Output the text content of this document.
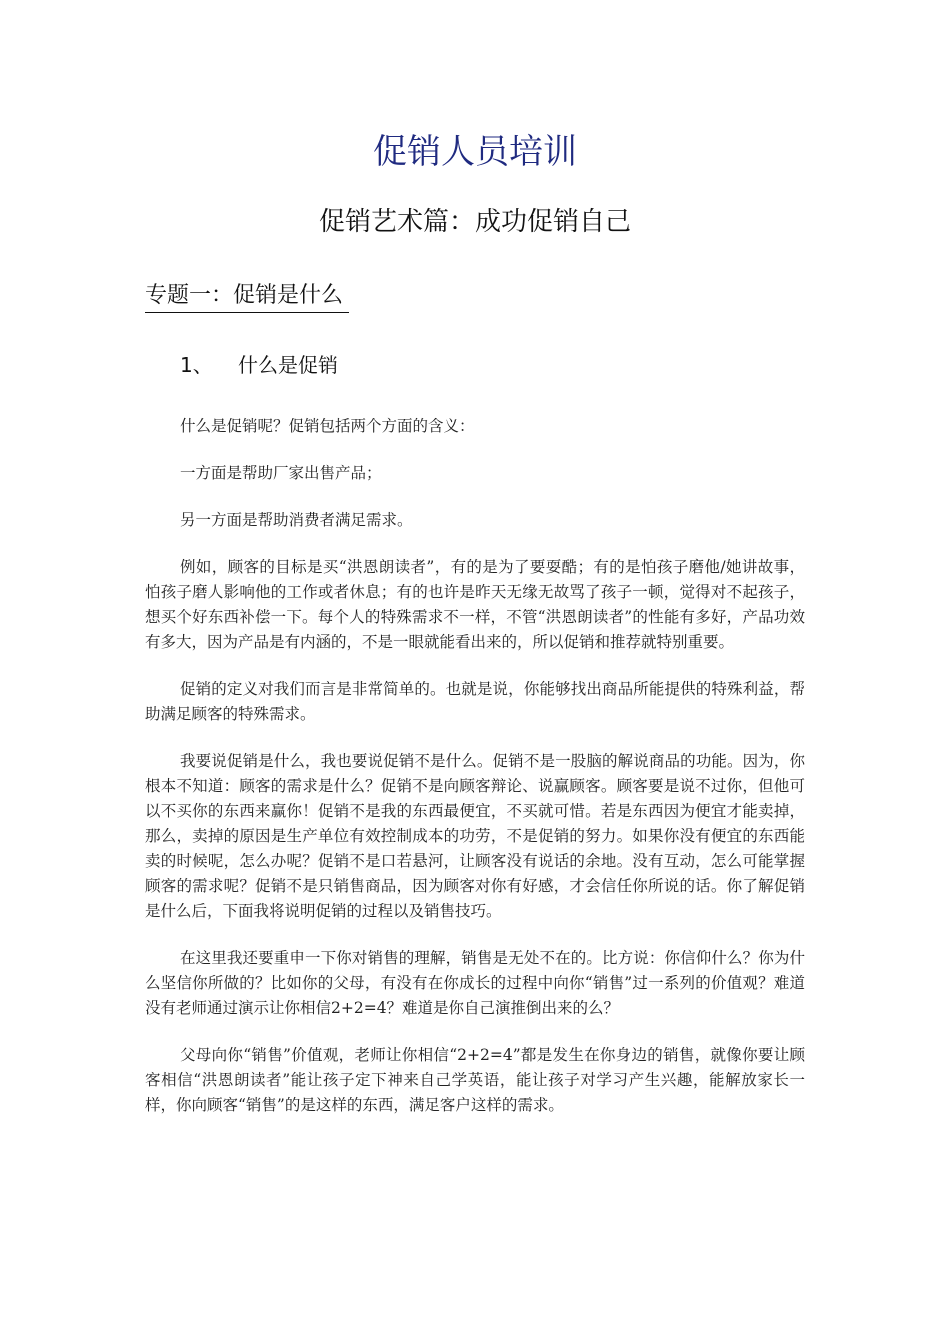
促销人员培训
促销艺术篇：成功促销自己
专题一：促销是什么
1、 什么是促销

什么是促销呢？促销包括两个方面的含义：

一方面是帮助厂家出售产品；

另一方面是帮助消费者满足需求。

例如，顾客的目标是买“洪恩朗读者”，有的是为了要耍酷；有的是怕孩子磨他/她讲故事，怕孩子磨人影响他的工作或者休息；有的也许是昨天无缘无故骂了孩子一顿，觉得对不起孩子，想买个好东西补偿一下。每个人的特殊需求不一样，不管“洪恩朗读者”的性能有多好，产品功效有多大，因为产品是有内涵的，不是一眼就能看出来的，所以促销和推荐就特别重要。

促销的定义对我们而言是非常简单的。也就是说，你能够找出商品所能提供的特殊利益，帮助满足顾客的特殊需求。

我要说促销是什么，我也要说促销不是什么。促销不是一股脑的解说商品的功能。因为，你根本不知道：顾客的需求是什么？促销不是向顾客辩论、说赢顾客。顾客要是说不过你，但他可以不买你的东西来赢你！促销不是我的东西最便宜，不买就可惜。若是东西因为便宜才能卖掉，那么，卖掉的原因是生产单位有效控制成本的功劳，不是促销的努力。如果你没有便宜的东西能卖的时候呢，怎么办呢？促销不是口若悬河，让顾客没有说话的余地。没有互动，怎么可能掌握顾客的需求呢？促销不是只销售商品，因为顾客对你有好感，才会信任你所说的话。你了解促销是什么后，下面我将说明促销的过程以及销售技巧。

在这里我还要重申一下你对销售的理解，销售是无处不在的。比方说：你信仰什么？你为什么坚信你所做的？比如你的父母，有没有在你成长的过程中向你“销售”过一系列的价值观？难道没有老师通过演示让你相信2+2=4？难道是你自己演推倒出来的么？

父母向你“销售”价值观，老师让你相信“2+2=4”都是发生在你身边的销售，就像你要让顾客相信“洪恩朗读者”能让孩子定下神来自己学英语，能让孩子对学习产生兴趣，能解放家长一样，你向顾客“销售”的是这样的东西，满足客户这样的需求。
